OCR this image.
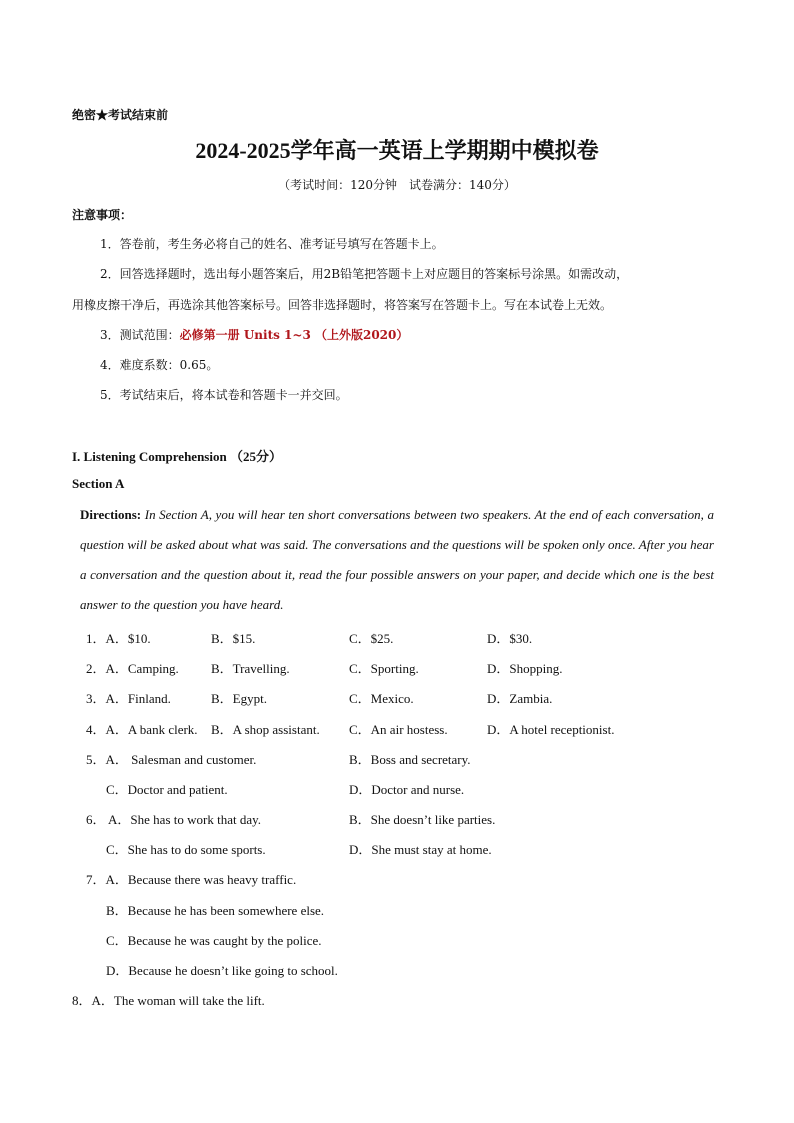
绝密★考试结束前
2024-2025学年高一英语上学期期中模拟卷
（考试时间：120分钟　试卷满分：140分）
注意事项：
1．答卷前，考生务必将自己的姓名、准考证号填写在答题卡上。
2．回答选择题时，选出每小题答案后，用2B铅笔把答题卡上对应题目的答案标号涂黑。如需改动，
用橡皮擦干净后，再选涂其他答案标号。回答非选择题时，将答案写在答题卡上。写在本试卷上无效。
3．测试范围：必修第一册 Units 1~3 （上外版2020）
4．难度系数：0.65。
5．考试结束后，将本试卷和答题卡一并交回。
I. Listening Comprehension （25分）
Section A
Directions: In Section A, you will hear ten short conversations between two speakers. At the end of each conversation, a question will be asked about what was said. The conversations and the questions will be spoken only once. After you hear a conversation and the question about it, read the four possible answers on your paper, and decide which one is the best answer to the question you have heard.
1．A．$10.	B．$15.	C．$25.	D．$30.
2．A．Camping. B．Travelling.	C．Sporting.	D．Shopping.
3．A．Finland.	B．Egypt.	C．Mexico.	D．Zambia.
4．A．A bank clerk. B．A shop assistant. C．An air hostess.	D．A hotel receptionist.
5．A． Salesman and customer.	B．Boss and secretary.
C．Doctor and patient.	D．Doctor and nurse.
6． A．She has to work that day.	B．She doesn’t like parties.
C．She has to do some sports.	D．She must stay at home.
7．A．Because there was heavy traffic.
B．Because he has been somewhere else.
C．Because he was caught by the police.
D．Because he doesn’t like going to school.
8．A．The woman will take the lift.
